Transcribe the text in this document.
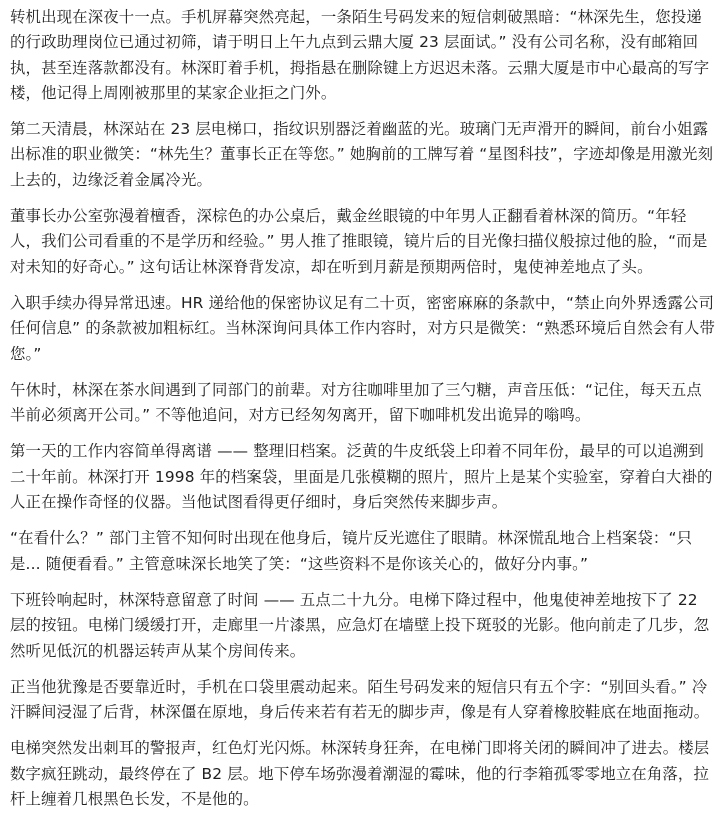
转机出现在深夜十一点。手机屏幕突然亮起，一条陌生号码发来的短信刺破黑暗：“林深先生，您投递的行政助理岗位已通过初筛，请于明日上午九点到云鼎大厦 23 层面试。” 没有公司名称，没有邮箱回执，甚至连落款都没有。林深盯着手机，拇指悬在删除键上方迟迟未落。云鼎大厦是市中心最高的写字楼，他记得上周刚被那里的某家企业拒之门外。

第二天清晨，林深站在 23 层电梯口，指纹识别器泛着幽蓝的光。玻璃门无声滑开的瞬间，前台小姐露出标准的职业微笑：“林先生？董事长正在等您。” 她胸前的工牌写着 “星图科技”，字迹却像是用激光刻上去的，边缘泛着金属冷光。

董事长办公室弥漫着檀香，深棕色的办公桌后，戴金丝眼镜的中年男人正翻看着林深的简历。“年轻人，我们公司看重的不是学历和经验。” 男人推了推眼镜，镜片后的目光像扫描仪般掠过他的脸，“而是对未知的好奇心。” 这句话让林深脊背发凉，却在听到月薪是预期两倍时，鬼使神差地点了头。

入职手续办得异常迅速。HR 递给他的保密协议足有二十页，密密麻麻的条款中，“禁止向外界透露公司任何信息” 的条款被加粗标红。当林深询问具体工作内容时，对方只是微笑：“熟悉环境后自然会有人带您。”

午休时，林深在茶水间遇到了同部门的前辈。对方往咖啡里加了三勺糖，声音压低：“记住，每天五点半前必须离开公司。” 不等他追问，对方已经匆匆离开，留下咖啡机发出诡异的嗡鸣。

第一天的工作内容简单得离谱 —— 整理旧档案。泛黄的牛皮纸袋上印着不同年份，最早的可以追溯到二十年前。林深打开 1998 年的档案袋，里面是几张模糊的照片，照片上是某个实验室，穿着白大褂的人正在操作奇怪的仪器。当他试图看得更仔细时，身后突然传来脚步声。

“在看什么？” 部门主管不知何时出现在他身后，镜片反光遮住了眼睛。林深慌乱地合上档案袋：“只是... 随便看看。” 主管意味深长地笑了笑：“这些资料不是你该关心的，做好分内事。”

下班铃响起时，林深特意留意了时间 —— 五点二十九分。电梯下降过程中，他鬼使神差地按下了 22 层的按钮。电梯门缓缓打开，走廊里一片漆黑，应急灯在墙壁上投下斑驳的光影。他向前走了几步，忽然听见低沉的机器运转声从某个房间传来。

正当他犹豫是否要靠近时，手机在口袋里震动起来。陌生号码发来的短信只有五个字：“别回头看。” 冷汗瞬间浸湿了后背，林深僵在原地，身后传来若有若无的脚步声，像是有人穿着橡胶鞋底在地面拖动。

电梯突然发出刺耳的警报声，红色灯光闪烁。林深转身狂奔，在电梯门即将关闭的瞬间冲了进去。楼层数字疯狂跳动，最终停在了 B2 层。地下停车场弥漫着潮湿的霉味，他的行李箱孤零零地立在角落，拉杆上缠着几根黑色长发，不是他的。
